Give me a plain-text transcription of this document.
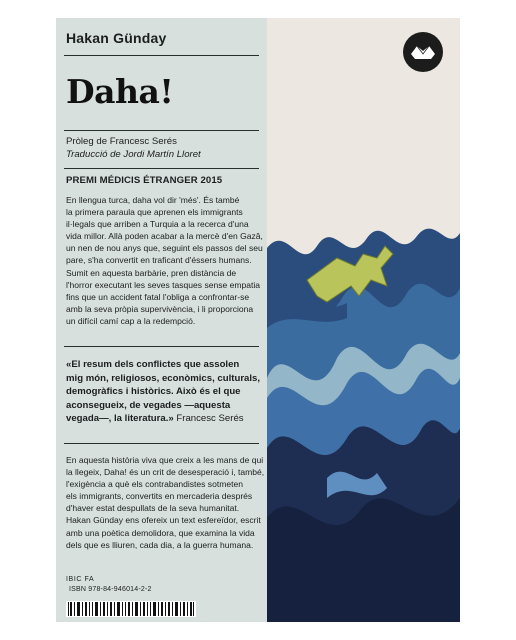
Hakan Günday
Daha!
Pròleg de Francesc Serés
Traducció de Jordi Martín Lloret
PREMI MÉDICIS ÉTRANGER 2015

En llengua turca, daha vol dir 'més'. És també

la primera paraula que aprenen els immigrants

il·legals que arriben a Turquia a la recerca d'una

vida millor. Allà poden acabar a la mercè d'en Gazâ,

un nen de nou anys que, seguint els passos del seu

pare, s'ha convertit en traficant d'éssers humans.

Sumit en aquesta barbàrie, pren distància de

l'horror executant les seves tasques sense empatia

fins que un accident fatal l'obliga a confrontar-se

amb la seva pròpia supervivència, i li proporciona

un difícil camí cap a la redempció.

«El resum dels conflictes que assolen

mig món, religiosos, econòmics, culturals,

demogràfics i històrics. Això és el que

aconsegueix, de vegades —aquesta

vegada—, la literatura.» Francesc Serés

En aquesta història viva que creix a les mans de qui

la llegeix, Daha! és un crit de desesperació i, també,

l'exigència a què els contrabandistes sotmeten

els immigrants, convertits en mercaderia després

d'haver estat despullats de la seva humanitat.

Hakan Günday ens ofereix un text esfereïdor, escrit

amb una poètica demolidora, que examina la vida

dels que es lliuren, cada dia, a la guerra humana.

IBIC FA
ISBN 978-84-946014-2-2
